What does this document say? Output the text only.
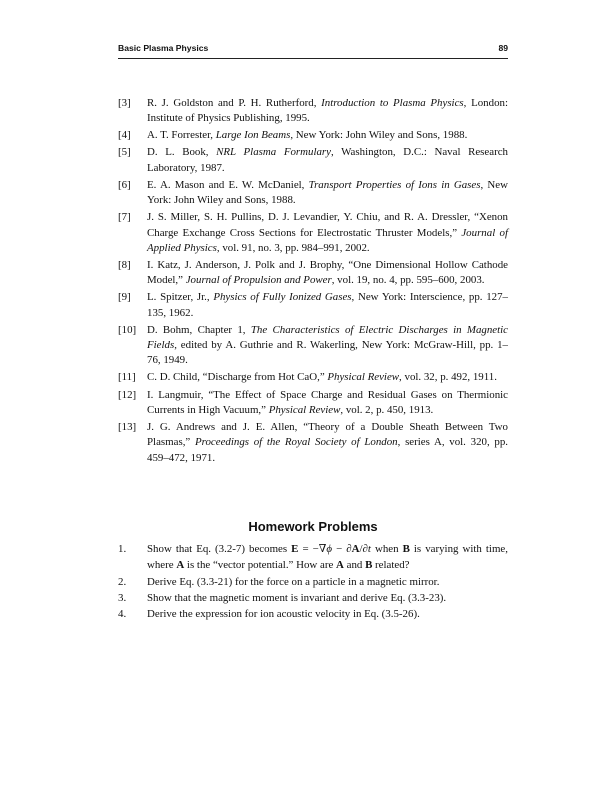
Basic Plasma Physics	89
[3] R. J. Goldston and P. H. Rutherford, Introduction to Plasma Physics, London: Institute of Physics Publishing, 1995.
[4] A. T. Forrester, Large Ion Beams, New York: John Wiley and Sons, 1988.
[5] D. L. Book, NRL Plasma Formulary, Washington, D.C.: Naval Research Laboratory, 1987.
[6] E. A. Mason and E. W. McDaniel, Transport Properties of Ions in Gases, New York: John Wiley and Sons, 1988.
[7] J. S. Miller, S. H. Pullins, D. J. Levandier, Y. Chiu, and R. A. Dressler, “Xenon Charge Exchange Cross Sections for Electrostatic Thruster Models,” Journal of Applied Physics, vol. 91, no. 3, pp. 984–991, 2002.
[8] I. Katz, J. Anderson, J. Polk and J. Brophy, “One Dimensional Hollow Cathode Model,” Journal of Propulsion and Power, vol. 19, no. 4, pp. 595–600, 2003.
[9] L. Spitzer, Jr., Physics of Fully Ionized Gases, New York: Interscience, pp. 127–135, 1962.
[10] D. Bohm, Chapter 1, The Characteristics of Electric Discharges in Magnetic Fields, edited by A. Guthrie and R. Wakerling, New York: McGraw-Hill, pp. 1–76, 1949.
[11] C. D. Child, “Discharge from Hot CaO,” Physical Review, vol. 32, p. 492, 1911.
[12] I. Langmuir, “The Effect of Space Charge and Residual Gases on Thermionic Currents in High Vacuum,” Physical Review, vol. 2, p. 450, 1913.
[13] J. G. Andrews and J. E. Allen, “Theory of a Double Sheath Between Two Plasmas,” Proceedings of the Royal Society of London, series A, vol. 320, pp. 459–472, 1971.
Homework Problems
1. Show that Eq. (3.2-7) becomes E = −∇ϕ − ∂A/∂t when B is varying with time, where A is the “vector potential.” How are A and B related?
2. Derive Eq. (3.3-21) for the force on a particle in a magnetic mirror.
3. Show that the magnetic moment is invariant and derive Eq. (3.3-23).
4. Derive the expression for ion acoustic velocity in Eq. (3.5-26).
